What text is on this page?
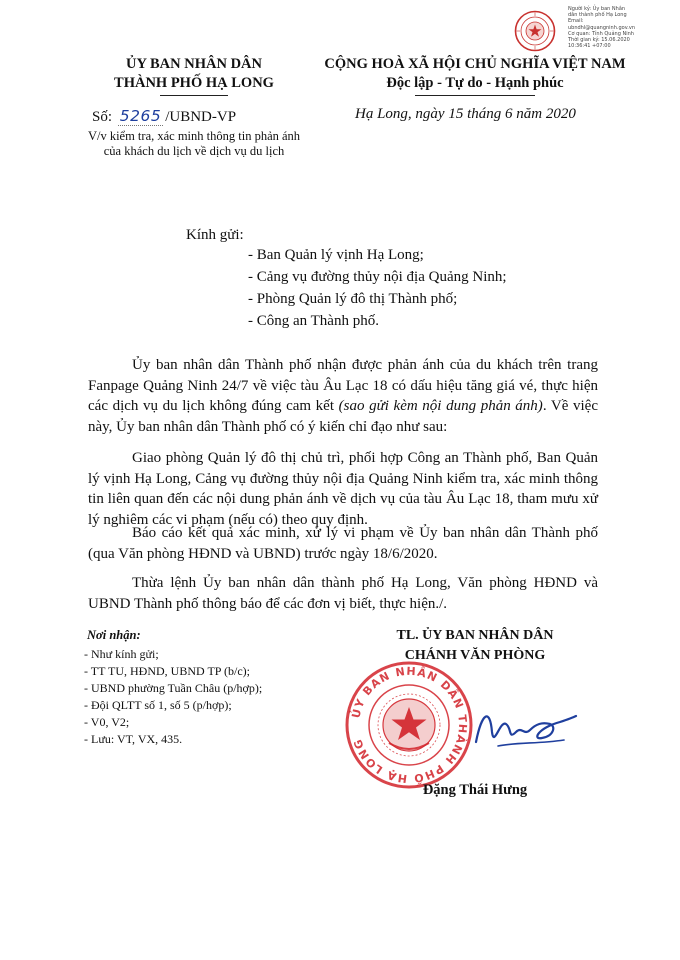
Người ký: Ủy ban Nhân
dân thành phố Hạ Long
Email:
ubndhl@quangninh.gov.vn
Cơ quan: Tỉnh Quảng Ninh
Thời gian ký: 15.06.2020
10:36:41 +07:00
ỦY BAN NHÂN DÂN
THÀNH PHỐ HẠ LONG
CỘNG HOÀ XÃ HỘI CHỦ NGHĨA VIỆT NAM
Độc lập - Tự do - Hạnh phúc
Số: 5265 /UBND-VP
V/v kiểm tra, xác minh thông tin phản ánh của khách du lịch về dịch vụ du lịch
Hạ Long, ngày 15 tháng 6 năm 2020
Kính gửi:
- Ban Quản lý vịnh Hạ Long;
- Cảng vụ đường thủy nội địa Quảng Ninh;
- Phòng Quản lý đô thị Thành phố;
- Công an Thành phố.
Ủy ban nhân dân Thành phố nhận được phản ánh của du khách trên trang Fanpage Quảng Ninh 24/7 về việc tàu Âu Lạc 18 có dấu hiệu tăng giá vé, thực hiện các dịch vụ du lịch không đúng cam kết (sao gửi kèm nội dung phản ánh). Về việc này, Ủy ban nhân dân Thành phố có ý kiến chỉ đạo như sau:
Giao phòng Quản lý đô thị chủ trì, phối hợp Công an Thành phố, Ban Quản lý vịnh Hạ Long, Cảng vụ đường thủy nội địa Quảng Ninh kiểm tra, xác minh thông tin liên quan đến các nội dung phản ánh về dịch vụ của tàu Âu Lạc 18, tham mưu xử lý nghiêm các vi phạm (nếu có) theo quy định.
Báo cáo kết quả xác minh, xử lý vi phạm về Ủy ban nhân dân Thành phố (qua Văn phòng HĐND và UBND) trước ngày 18/6/2020.
Thừa lệnh Ủy ban nhân dân thành phố Hạ Long, Văn phòng HĐND và UBND Thành phố thông báo để các đơn vị biết, thực hiện./.
Nơi nhận:
- Như kính gửi;
- TT TU, HĐND, UBND TP (b/c);
- UBND phường Tuần Châu (p/hợp);
- Đội QLTT số 1, số 5 (p/hợp);
- V0, V2;
- Lưu: VT, VX, 435.
TL. ỦY BAN NHÂN DÂN
CHÁNH VĂN PHÒNG
ỦY BAN NHÂN DÂN THÀNH PHỐ HẠ LONG
Đặng Thái Hưng
